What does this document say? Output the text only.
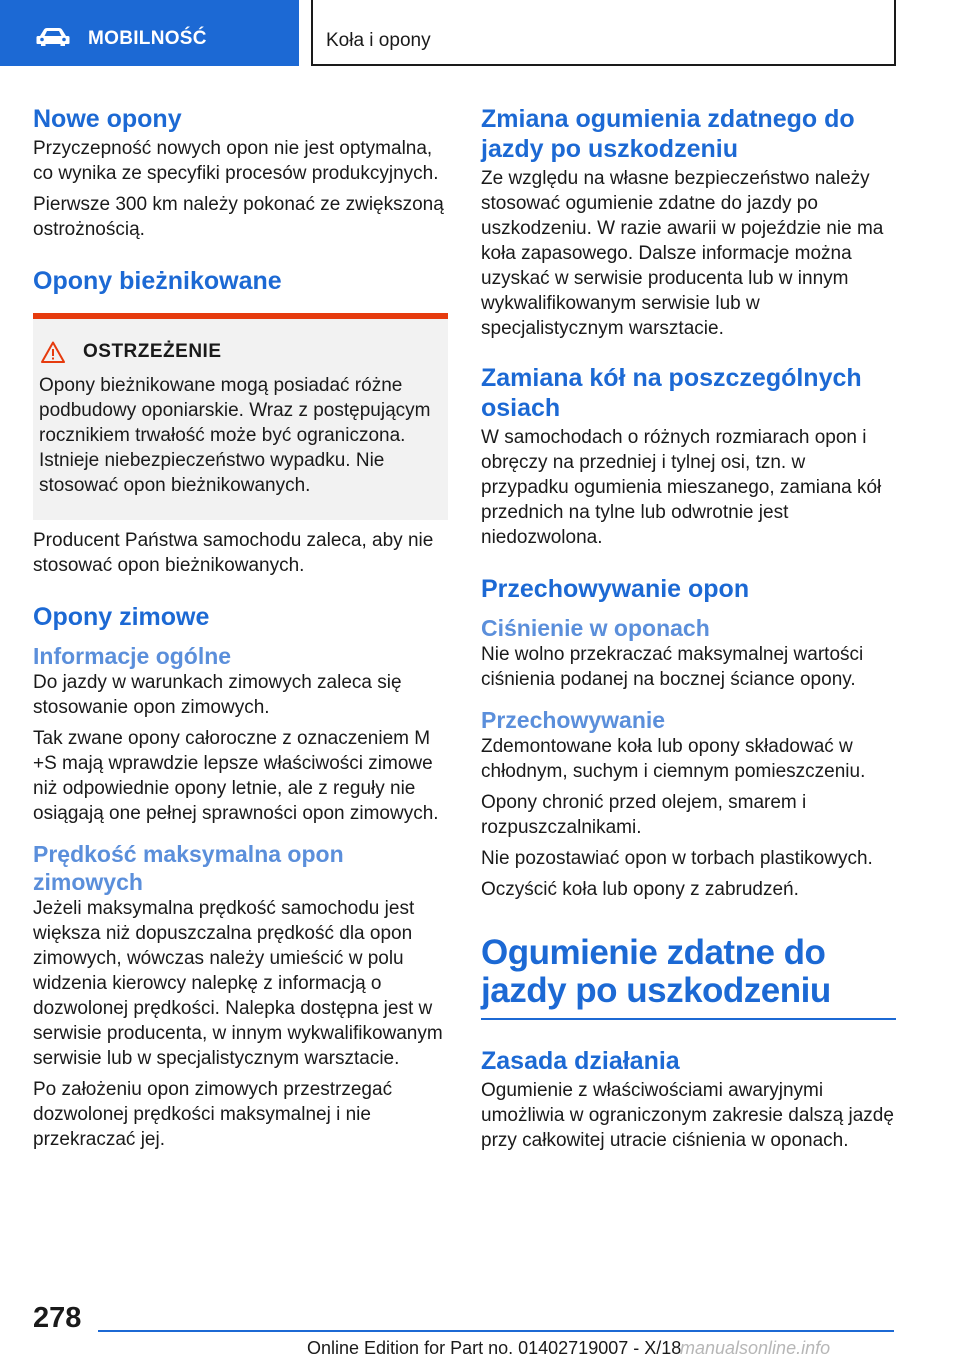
MOBILNOŚĆ	Koła i opony
Nowe opony

Przyczepność nowych opon nie jest optymalna, co wynika ze specyfiki procesów produkcyjnych.

Pierwsze 300 km należy pokonać ze zwiększoną ostrożnością.

Opony bieżnikowane
OSTRZEŻENIE

Opony bieżnikowane mogą posiadać różne podbudowy oponiarskie. Wraz z postępującym rocznikiem trwałość może być ograniczona. Istnieje niebezpieczeństwo wypadku. Nie stosować opon bieżnikowanych.

Producent Państwa samochodu zaleca, aby nie stosować opon bieżnikowanych.

Opony zimowe
Informacje ogólne

Do jazdy w warunkach zimowych zaleca się stosowanie opon zimowych.

Tak zwane opony całoroczne z oznaczeniem M +S mają wprawdzie lepsze właściwości zimowe niż odpowiednie opony letnie, ale z reguły nie osiągają one pełnej sprawności opon zimowych.

Prędkość maksymalna opon zimowych

Jeżeli maksymalna prędkość samochodu jest większa niż dopuszczalna prędkość dla opon zimowych, wówczas należy umieścić w polu widzenia kierowcy nalepkę z informacją o dozwolonej prędkości. Nalepka dostępna jest w serwisie producenta, w innym wykwalifikowanym serwisie lub w specjalistycznym warsztacie.

Po założeniu opon zimowych przestrzegać dozwolonej prędkości maksymalnej i nie przekraczać jej.

Zmiana ogumienia zdatnego do jazdy po uszkodzeniu

Ze względu na własne bezpieczeństwo należy stosować ogumienie zdatne do jazdy po uszkodzeniu. W razie awarii w pojeździe nie ma koła zapasowego. Dalsze informacje można uzyskać w serwisie producenta lub w innym wykwalifikowanym serwisie lub w specjalistycznym warsztacie.

Zamiana kół na poszczególnych osiach

W samochodach o różnych rozmiarach opon i obręczy na przedniej i tylnej osi, tzn. w przypadku ogumienia mieszanego, zamiana kół przednich na tylne lub odwrotnie jest niedozwolona.

Przechowywanie opon
Ciśnienie w oponach

Nie wolno przekraczać maksymalnej wartości ciśnienia podanej na bocznej ściance opony.

Przechowywanie

Zdemontowane koła lub opony składować w chłodnym, suchym i ciemnym pomieszczeniu.

Opony chronić przed olejem, smarem i rozpuszczalnikami.

Nie pozostawiać opon w torbach plastikowych.

Oczyścić koła lub opony z zabrudzeń.

Ogumienie zdatne do jazdy po uszkodzeniu
Zasada działania

Ogumienie z właściwościami awaryjnymi umożliwia w ograniczonym zakresie dalszą jazdę przy całkowitej utracie ciśnienia w oponach.

278
Online Edition for Part no. 01402719007 - X/18
manualsonline.info
